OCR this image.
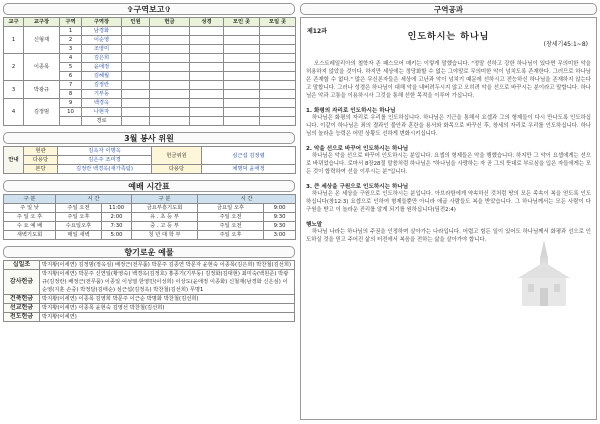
✞구역보고✞
교구	교구장	구역	구역장	인원	헌금	성경	모인 곳	모일 곳
1	신형재	1	남경화					
		2	이순영					
		3	조영미					
2	이종목	4	김은희					
		5	윤애정					
		6	김혜월					
3	박광규	7	김정란					
		8	기부동					
4	김정범	9	백경옥					
		10	나현자					
			경로					
3월 봉사 위원
안내	현관	김옥자 이명옥	헌금위원	심근섭 김정렬
	다용당	김은주 조미경		
	본당	김정란 백경옥(새가족팀)	다용당	채명덕 윤애정
예배 시간표
구 분	시 간		구 분	시 간	
주 일 낮	주일 오전	11:00	금요부흥기도회	금요일 오후	9:00
주 일 오 후	주일 오후	2:00	유 . 초 등 부	주일 오전	9:30
수 요 예 배	수요일오후	7:30	중 . 고 등 부	주일 오전	9:30
새벽기도회	매일 새벽	5:00	청 년 대 학 부	주일 오후	3:00
향기로운 예물
십일조	박지황(이세연) 김정범(정옥심) 배정근(전무품) 박문주 김종연 박문자 윤현숙 이종목(김은희) 박찬철(김선희)
감사헌금	박지황(이세연) 박문주 신연일(황영숙) 백경옥(김정호) 홍종기(기부동) 김정화(김대현) 최미숙(백원준) 박광규(김정란) 배정근(전무품) 이종일 이성열 한영민(이성희) 이상도(윤애정 이종화) 신철재(남경화 신은심) 이순영(지훈 손중) 박정달(김태순) 심근섭(김정옥) 박찬철(김선희) 무명1
건축헌금	박지황(이세연) 이종목 김영희 박문주 이근순 박명화 박찬철(김선희)
선교헌금	박지황(이세연) 이종목 윤현숙 김영선 박찬철(김선희)
전도헌금	박지황(이세연)
구역공과
제12과
인도하시는 하나님
(창세기45:1~8)

오스트레일리아의 철학자 존 패스모어 매키는 이렇게 말했습니다. "정말 선하고 강한 하나님이 있다면 무의미한 악을 허용하지 않았을 것이다. 하지만 세상에는 정당화할 수 없는 그야말로 무의미한 악이 넘치도록 존재한다. 그러므로 하나님은 존재할 수 없다." 많은 무신론자들은 세상에 고난과 악이 넘치기 때문에 선하시고 전능하신 하나님을 존재하지 않는다고 말합니다. 그러나 성경은 하나님이 대해 악을 내버려두시지 않고 오히려 악을 선으로 바꾸시는 분이라고 말합니다. 하나님은 악과 고통을 이용하시사 그것을 통해 선한 목적을 이루어 가십니다.

1. 화평의 자리로 인도하시는 하나님

하나님은 화평의 자리로 우리를 인도하십니다. 하나님은 기근을 통해서 요셉과 그의 형제들이 다시 만나도록 인도하십니다. 이같이 하나님은 죄의 결과인 불안과 혼란을 용서와 화목으로 바꾸신 후, 창세의 자리로 우리를 인도하십니다. 하나님의 놀라운 능력은 어떤 상황도 선하게 변화시키십니다.

2. 악을 선으로 바꾸어 인도하시는 하나님

하나님은 악을 선으로 바꾸어 인도하시는 분입니다. 요셉의 형제들은 악을 행했습니다. 하지만 그 악이 요셉에게는 선으로 바뀌었습니다. 로마서 8장28절 말씀처럼 하나님은 "하나님을 사랑하는 자 곧 그의 뜻대로 부르심을 입은 자들에게는 모든 것이 합력하여 선을 이루시는 분"입니다.

3. 큰 세상을 구원으로 인도하시는 하나님

하나님은 온 세상을 구원으로 인도하시는 분입니다. 아브라함에게 약속하신 것처럼 땅의 모든 족속이 복을 얻도록 인도하십니다(창12:3) 요셉으로 인하여 형제들뿐만 아니라 애굽 사람들도 복을 받았습니다. 그 하나님께서는 모든 사람이 다 구원을 받고 이 놀라운 진리를 알게 되기를 원하십니다(딤전2:4)

행노말

하나님 나라는 하나님의 주권을 인정하며 살아가는 나라입니다. 어렵고 힘든 일이 있어도 하나님께서 화평과 선으로 인도하실 것을 믿고 주어진 삶의 터전에서 복음을 전하는 삶을 살아가야 합니다.
